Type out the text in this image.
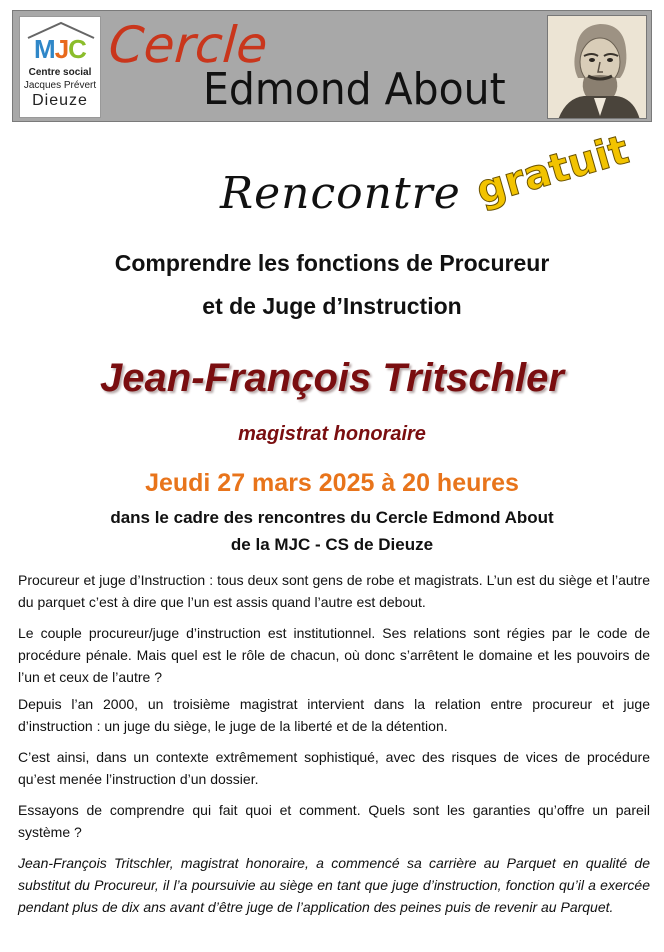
MJC
Centre social
Jacques Prévert
Dieuze
Cercle
Edmond About
Rencontre gratuit
Comprendre les fonctions de Procureur
et de Juge d’Instruction
Jean-François Tritschler
magistrat honoraire
Jeudi 27 mars 2025 à 20 heures
dans le cadre des rencontres du Cercle Edmond About
de la MJC - CS de Dieuze

Procureur et juge d’Instruction : tous deux sont gens de robe et magistrats. L’un est du siège et l’autre du parquet c’est à dire que l’un est assis quand l’autre est debout.

Le couple procureur/juge d’instruction est institutionnel. Ses relations sont régies par le code de procédure pénale. Mais quel est le rôle de chacun, où donc s’arrêtent le domaine et les pouvoirs de l’un et ceux de l’autre ?

Depuis l’an 2000, un troisième magistrat intervient dans la relation entre procureur et juge d’instruction : un juge du siège, le juge de la liberté et de la détention.

C’est ainsi, dans un contexte extrêmement sophistiqué, avec des risques de vices de procédure qu’est menée l’instruction d’un dossier.

Essayons de comprendre qui fait quoi et comment. Quels sont les garanties qu’offre un pareil système ?

Jean-François Tritschler, magistrat honoraire, a commencé sa carrière au Parquet en qualité de substitut du Procureur, il l’a poursuivie au siège en tant que juge d’instruction, fonction qu’il a exercée pendant plus de dix ans avant d’être juge de l’application des peines puis de revenir au Parquet.
